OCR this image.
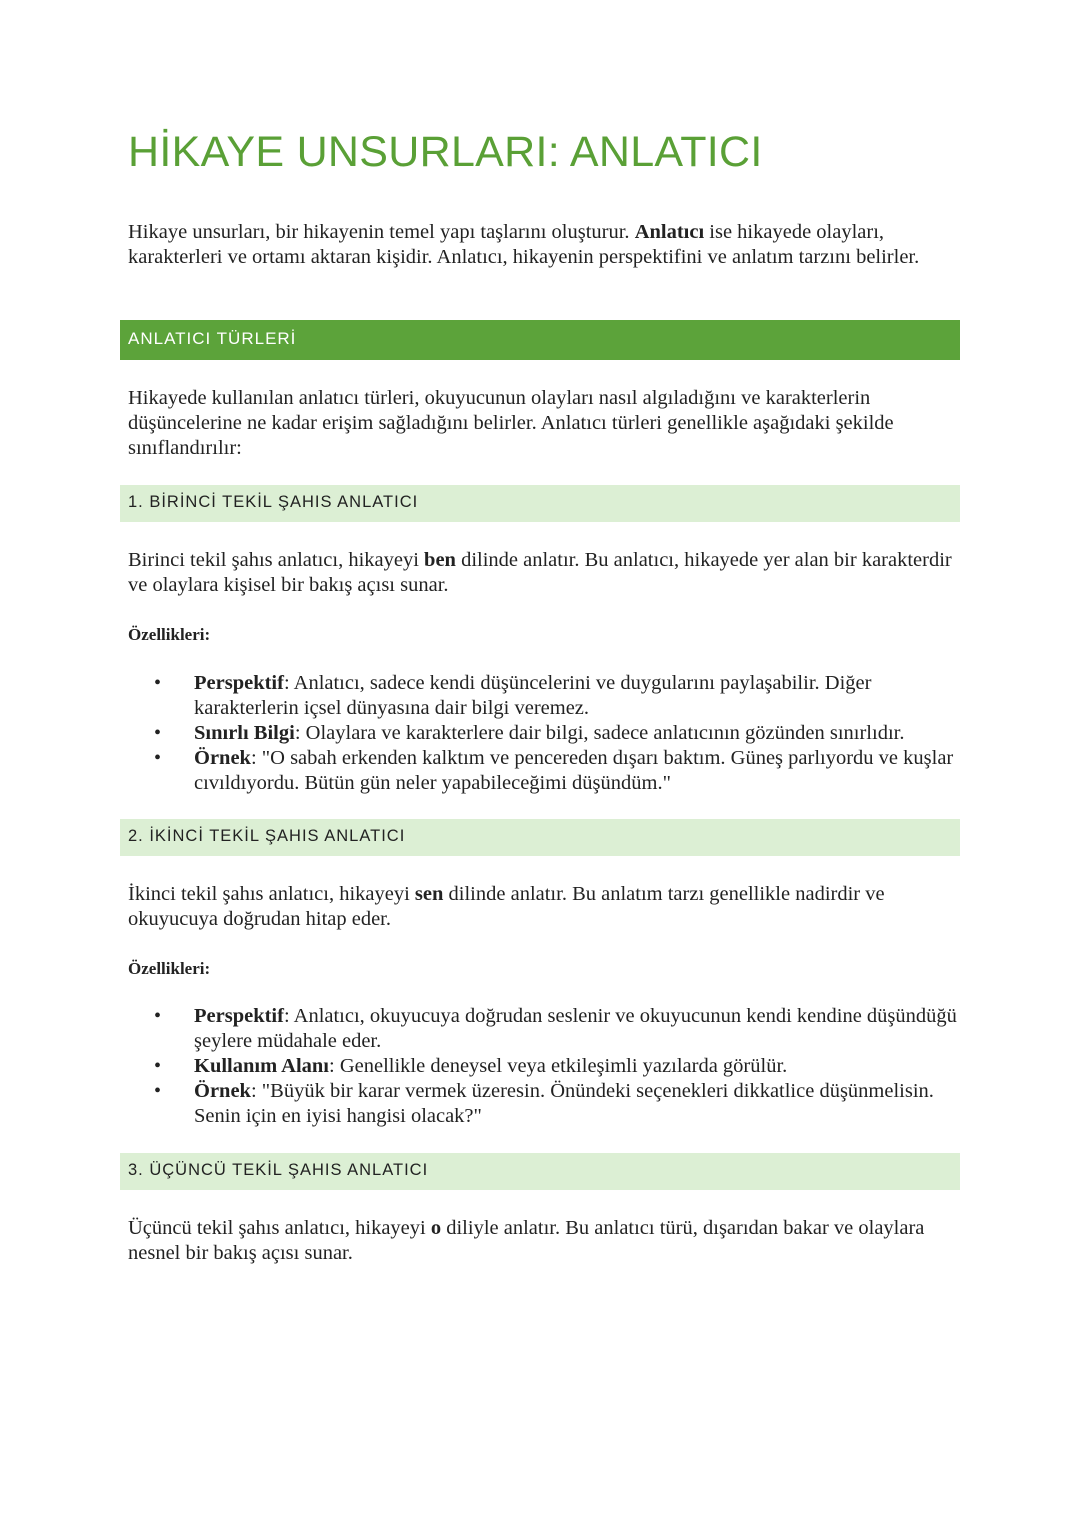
HİKAYE UNSURLARI: ANLATICI

Hikaye unsurları, bir hikayenin temel yapı taşlarını oluşturur. Anlatıcı ise hikayede olayları, karakterleri ve ortamı aktaran kişidir. Anlatıcı, hikayenin perspektifini ve anlatım tarzını belirler.

ANLATICI TÜRLERİ

Hikayede kullanılan anlatıcı türleri, okuyucunun olayları nasıl algıladığını ve karakterlerin düşüncelerine ne kadar erişim sağladığını belirler. Anlatıcı türleri genellikle aşağıdaki şekilde sınıflandırılır:

1. BİRİNCİ TEKİL ŞAHIS ANLATICI

Birinci tekil şahıs anlatıcı, hikayeyi ben dilinde anlatır. Bu anlatıcı, hikayede yer alan bir karakterdir ve olaylara kişisel bir bakış açısı sunar.

Özellikleri:

• Perspektif: Anlatıcı, sadece kendi düşüncelerini ve duygularını paylaşabilir. Diğer karakterlerin içsel dünyasına dair bilgi veremez.
• Sınırlı Bilgi: Olaylara ve karakterlere dair bilgi, sadece anlatıcının gözünden sınırlıdır.
• Örnek: "O sabah erkenden kalktım ve pencereden dışarı baktım. Güneş parlıyordu ve kuşlar cıvıldıyordu. Bütün gün neler yapabileceğimi düşündüm."
2. İKİNCİ TEKİL ŞAHIS ANLATICI

İkinci tekil şahıs anlatıcı, hikayeyi sen dilinde anlatır. Bu anlatım tarzı genellikle nadirdir ve okuyucuya doğrudan hitap eder.

Özellikleri:

• Perspektif: Anlatıcı, okuyucuya doğrudan seslenir ve okuyucunun kendi kendine düşündüğü şeylere müdahale eder.
• Kullanım Alanı: Genellikle deneysel veya etkileşimli yazılarda görülür.
• Örnek: "Büyük bir karar vermek üzeresin. Önündeki seçenekleri dikkatlice düşünmelisin. Senin için en iyisi hangisi olacak?"
3. ÜÇÜNCÜ TEKİL ŞAHIS ANLATICI

Üçüncü tekil şahıs anlatıcı, hikayeyi o diliyle anlatır. Bu anlatıcı türü, dışarıdan bakar ve olaylara nesnel bir bakış açısı sunar.
